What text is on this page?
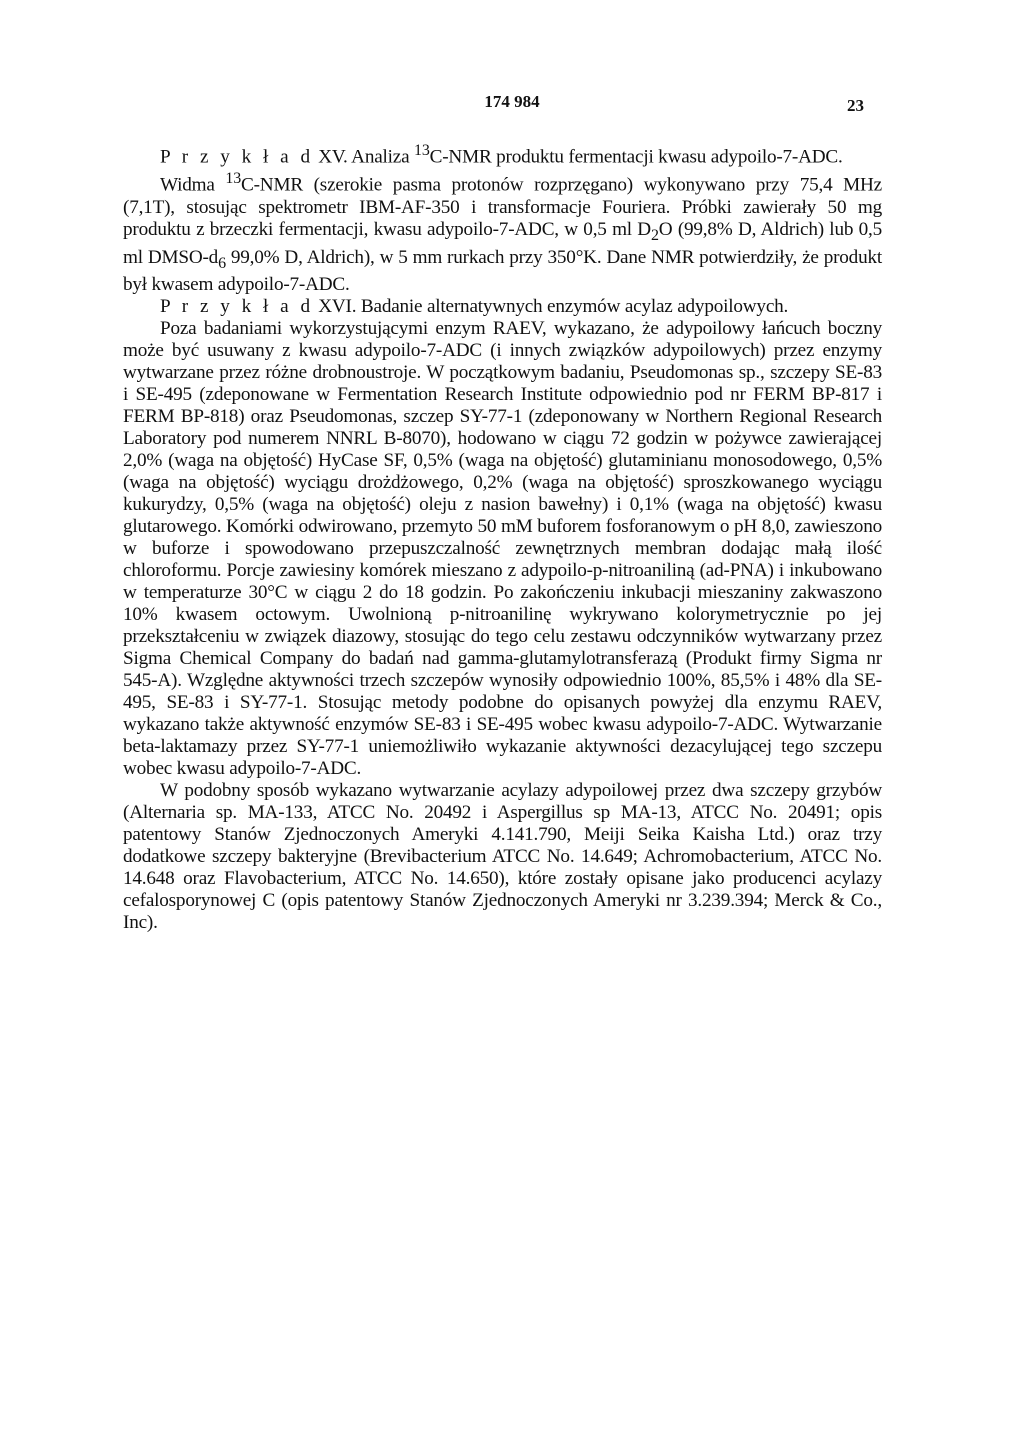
174 984	23

P r z y k ł a d XV. Analiza $^{13}$C-NMR produktu fermentacji kwasu adypoilo-7-ADC.

Widma $^{13}$C-NMR (szerokie pasma protonów rozprzęgano) wykonywano przy 75,4 MHz (7,1T), stosując spektrometr IBM-AF-350 i transformacje Fouriera. Próbki zawierały 50 mg produktu z brzeczki fermentacji, kwasu adypoilo-7-ADC, w 0,5 ml $D_2O$ (99,8% D, Aldrich) lub 0,5 ml DMSO-$d_6$ 99,0% D, Aldrich), w 5 mm rurkach przy 350°K. Dane NMR potwierdziły, że produkt był kwasem adypoilo-7-ADC.

P r z y k ł a d XVI. Badanie alternatywnych enzymów acylaz adypoilowych.

Poza badaniami wykorzystującymi enzym RAEV, wykazano, że adypoilowy łańcuch boczny może być usuwany z kwasu adypoilo-7-ADC (i innych związków adypoilowych) przez enzymy wytwarzane przez różne drobnoustroje. W początkowym badaniu, Pseudomonas sp., szczepy SE-83 i SE-495 (zdeponowane w Fermentation Research Institute odpowiednio pod nr FERM BP-817 i FERM BP-818) oraz Pseudomonas, szczep SY-77-1 (zdeponowany w Northern Regional Research Laboratory pod numerem NNRL B-8070), hodowano w ciągu 72 godzin w pożywce zawierającej 2,0% (waga na objętość) HyCase SF, 0,5% (waga na objętość) glutaminianu monosodowego, 0,5% (waga na objętość) wyciągu drożdżowego, 0,2% (waga na objętość) sproszkowanego wyciągu kukurydzy, 0,5% (waga na objętość) oleju z nasion bawełny) i 0,1% (waga na objętość) kwasu glutarowego. Komórki odwirowano, przemyto 50 mM buforem fosforanowym o pH 8,0, zawieszono w buforze i spowodowano przepuszczalność zewnętrznych membran dodając małą ilość chloroformu. Porcje zawiesiny komórek mieszano z adypoilo-p-nitroaniliną (ad-PNA) i inkubowano w temperaturze 30°C w ciągu 2 do 18 godzin. Po zakończeniu inkubacji mieszaniny zakwaszono 10% kwasem octowym. Uwolnioną p-nitroanilinę wykrywano kolorymetrycznie po jej przekształceniu w związek diazowy, stosując do tego celu zestawu odczynników wytwarzany przez Sigma Chemical Company do badań nad gamma-glutamylotransferazą (Produkt firmy Sigma nr 545-A). Względne aktywności trzech szczepów wynosiły odpowiednio 100%, 85,5% i 48% dla SE-495, SE-83 i SY-77-1. Stosując metody podobne do opisanych powyżej dla enzymu RAEV, wykazano także aktywność enzymów SE-83 i SE-495 wobec kwasu adypoilo-7-ADC. Wytwarzanie beta-laktamazy przez SY-77-1 uniemożliwiło wykazanie aktywności dezacylującej tego szczepu wobec kwasu adypoilo-7-ADC.

W podobny sposób wykazano wytwarzanie acylazy adypoilowej przez dwa szczepy grzybów (Alternaria sp. MA-133, ATCC No. 20492 i Aspergillus sp MA-13, ATCC No. 20491; opis patentowy Stanów Zjednoczonych Ameryki 4.141.790, Meiji Seika Kaisha Ltd.) oraz trzy dodatkowe szczepy bakteryjne (Brevibacterium ATCC No. 14.649; Achromobacterium, ATCC No. 14.648 oraz Flavobacterium, ATCC No. 14.650), które zostały opisane jako producenci acylazy cefalosporynowej C (opis patentowy Stanów Zjednoczonych Ameryki nr 3.239.394; Merck & Co., Inc).
